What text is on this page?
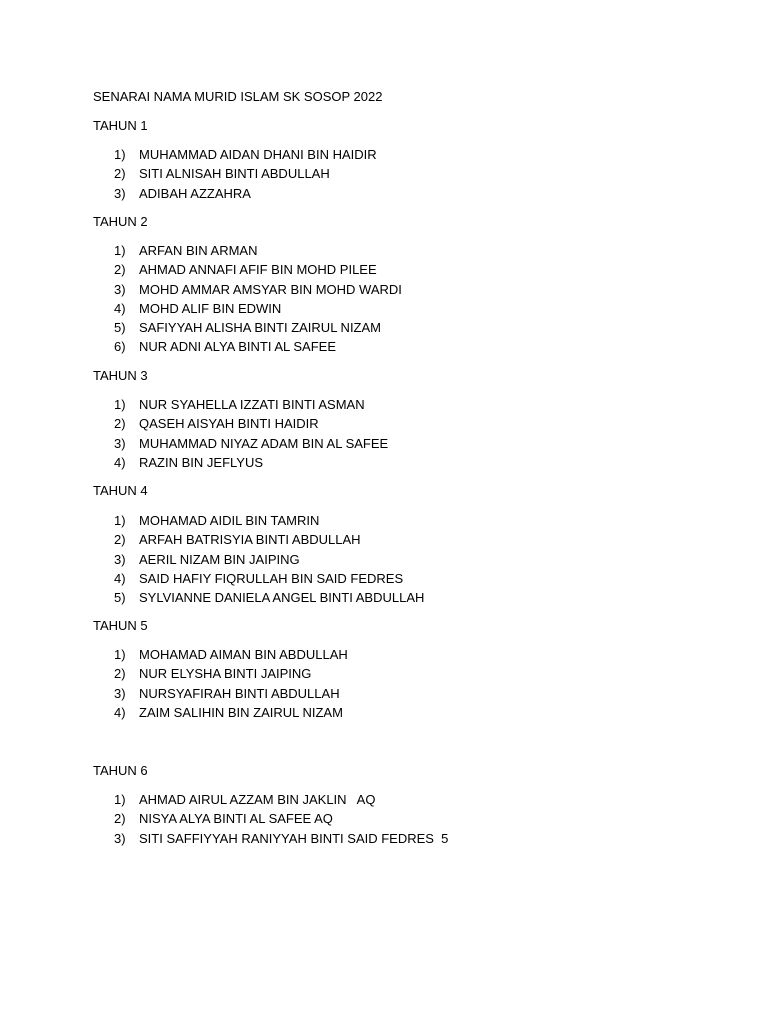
SENARAI NAMA MURID ISLAM SK SOSOP 2022
TAHUN 1
1) MUHAMMAD AIDAN DHANI BIN HAIDIR
2) SITI ALNISAH BINTI ABDULLAH
3) ADIBAH AZZAHRA
TAHUN 2
1) ARFAN BIN ARMAN
2) AHMAD ANNAFI AFIF BIN MOHD PILEE
3) MOHD AMMAR AMSYAR BIN MOHD WARDI
4) MOHD ALIF BIN EDWIN
5) SAFIYYAH ALISHA BINTI ZAIRUL NIZAM
6) NUR ADNI ALYA BINTI AL SAFEE
TAHUN 3
1) NUR SYAHELLA IZZATI BINTI ASMAN
2) QASEH AISYAH BINTI HAIDIR
3) MUHAMMAD NIYAZ ADAM BIN AL SAFEE
4) RAZIN BIN JEFLYUS
TAHUN 4
1) MOHAMAD AIDIL BIN TAMRIN
2) ARFAH BATRISYIA BINTI ABDULLAH
3) AERIL NIZAM BIN JAIPING
4) SAID HAFIY FIQRULLAH BIN SAID FEDRES
5) SYLVIANNE DANIELA ANGEL BINTI ABDULLAH
TAHUN 5
1) MOHAMAD AIMAN BIN ABDULLAH
2) NUR ELYSHA BINTI JAIPING
3) NURSYAFIRAH BINTI ABDULLAH
4) ZAIM SALIHIN BIN ZAIRUL NIZAM
TAHUN 6
1) AHMAD AIRUL AZZAM BIN JAKLIN   AQ
2) NISYA ALYA BINTI AL SAFEE AQ
3) SITI SAFFIYYAH RANIYYAH BINTI SAID FEDRES  5
